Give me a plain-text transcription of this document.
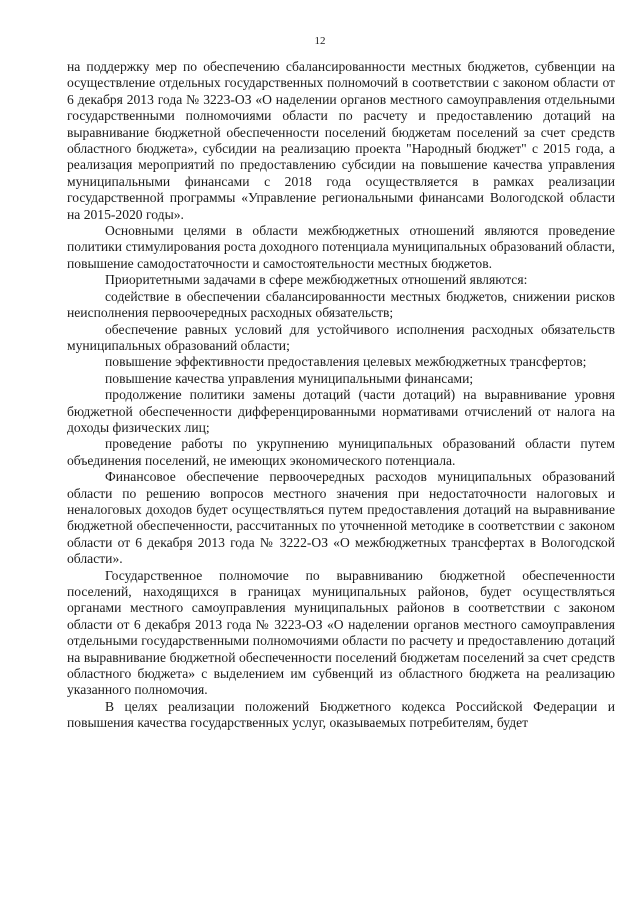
12

на поддержку мер по обеспечению сбалансированности местных бюджетов, субвенции на осуществление отдельных государственных полномочий в соответствии с законом области от 6 декабря 2013 года № 3223-ОЗ «О наделении органов местного самоуправления отдельными государственными полномочиями области по расчету и предоставлению дотаций на выравнивание бюджетной обеспеченности поселений бюджетам поселений за счет средств областного бюджета», субсидии на реализацию проекта "Народный бюджет" с 2015 года, а реализация мероприятий по предоставлению субсидии на повышение качества управления муниципальными финансами с 2018 года осуществляется в рамках реализации государственной программы «Управление региональными финансами Вологодской области на 2015-2020 годы».

Основными целями в области межбюджетных отношений являются проведение политики стимулирования роста доходного потенциала муниципальных образований области, повышение самодостаточности и самостоятельности местных бюджетов.

Приоритетными задачами в сфере межбюджетных отношений являются:

содействие в обеспечении сбалансированности местных бюджетов, снижении рисков неисполнения первоочередных расходных обязательств;

обеспечение равных условий для устойчивого исполнения расходных обязательств муниципальных образований области;

повышение эффективности предоставления целевых межбюджетных трансфертов;

повышение качества управления муниципальными финансами;

продолжение политики замены дотаций (части дотаций) на выравнивание уровня бюджетной обеспеченности дифференцированными нормативами отчислений от налога на доходы физических лиц;

проведение работы по укрупнению муниципальных образований области путем объединения поселений, не имеющих экономического потенциала.

Финансовое обеспечение первоочередных расходов муниципальных образований области по решению вопросов местного значения при недостаточности налоговых и неналоговых доходов будет осуществляться путем предоставления дотаций на выравнивание бюджетной обеспеченности, рассчитанных по уточненной методике в соответствии с законом области от 6 декабря 2013 года № 3222-ОЗ «О межбюджетных трансфертах в Вологодской области».

Государственное полномочие по выравниванию бюджетной обеспеченности поселений, находящихся в границах муниципальных районов, будет осуществляться органами местного самоуправления муниципальных районов в соответствии с законом области от 6 декабря 2013 года № 3223-ОЗ «О наделении органов местного самоуправления отдельными государственными полномочиями области по расчету и предоставлению дотаций на выравнивание бюджетной обеспеченности поселений бюджетам поселений за счет средств областного бюджета» с выделением им субвенций из областного бюджета на реализацию указанного полномочия.

В целях реализации положений Бюджетного кодекса Российской Федерации и повышения качества государственных услуг, оказываемых потребителям, будет
